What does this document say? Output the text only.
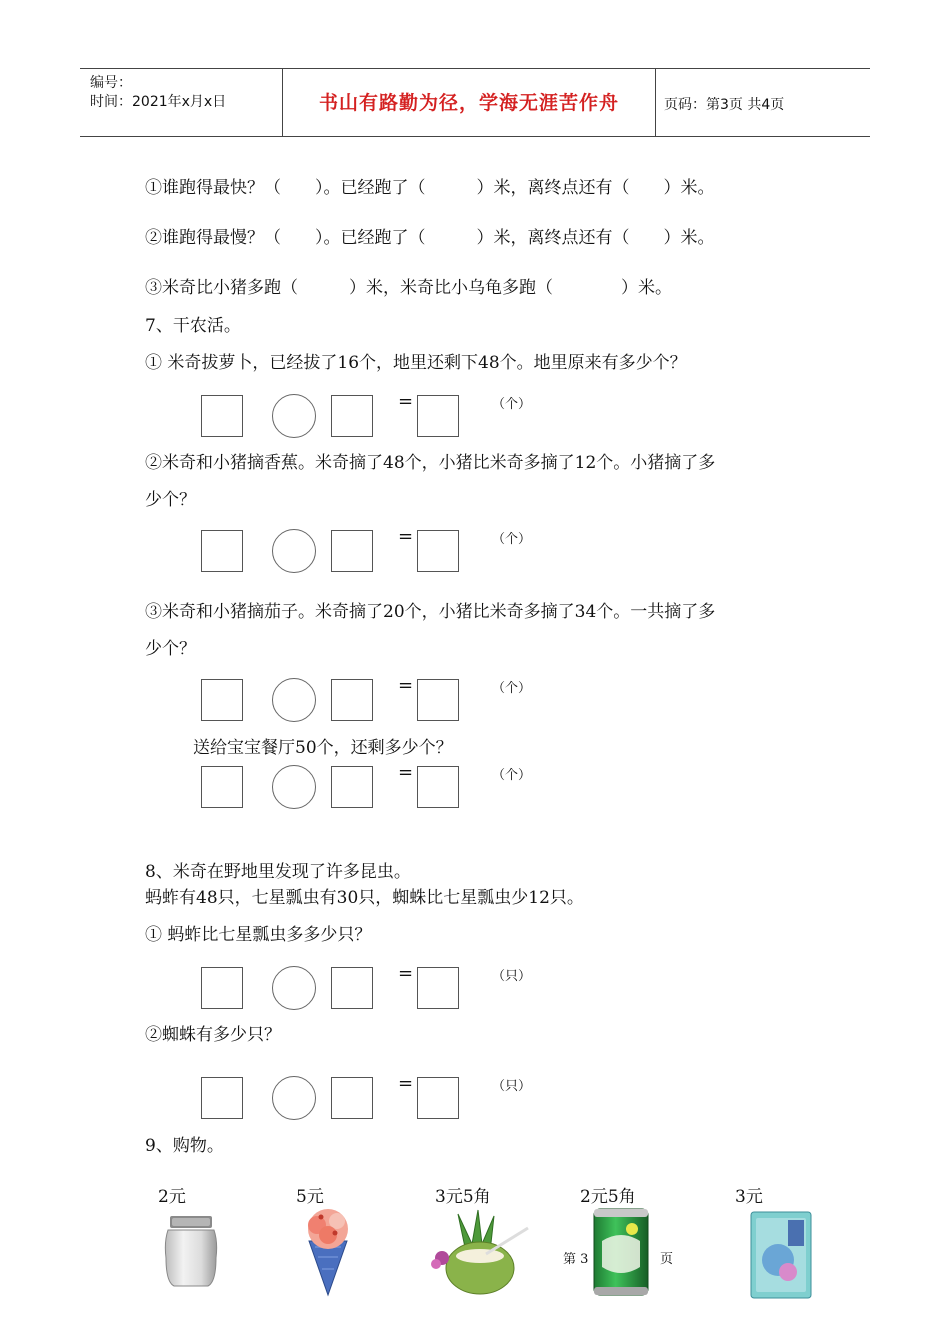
编号：
时间：2021年x月x日	书山有路勤为径，学海无涯苦作舟	页码：第3页 共4页
①谁跑得最快？（　　）。已经跑了（　　　）米，离终点还有（　　）米。
②谁跑得最慢？（　　）。已经跑了（　　　）米，离终点还有（　　）米。
③米奇比小猪多跑（　　　）米，米奇比小乌龟多跑（　　　　）米。
7、干农活。
① 米奇拔萝卜，已经拔了16个，地里还剩下48个。地里原来有多少个？
=	（个）
②米奇和小猪摘香蕉。米奇摘了48个，小猪比米奇多摘了12个。小猪摘了多
少个？
=	（个）
③米奇和小猪摘茄子。米奇摘了20个，小猪比米奇多摘了34个。一共摘了多
少个？
=	（个）
送给宝宝餐厅50个，还剩多少个？
=	（个）
8、米奇在野地里发现了许多昆虫。
蚂蚱有48只，七星瓢虫有30只，蜘蛛比七星瓢虫少12只。
① 蚂蚱比七星瓢虫多多少只？
=	（只）
②蜘蛛有多少只？
=	（只）
9、购物。
2元	5元	3元5角	2元5角	3元
第 3	页
